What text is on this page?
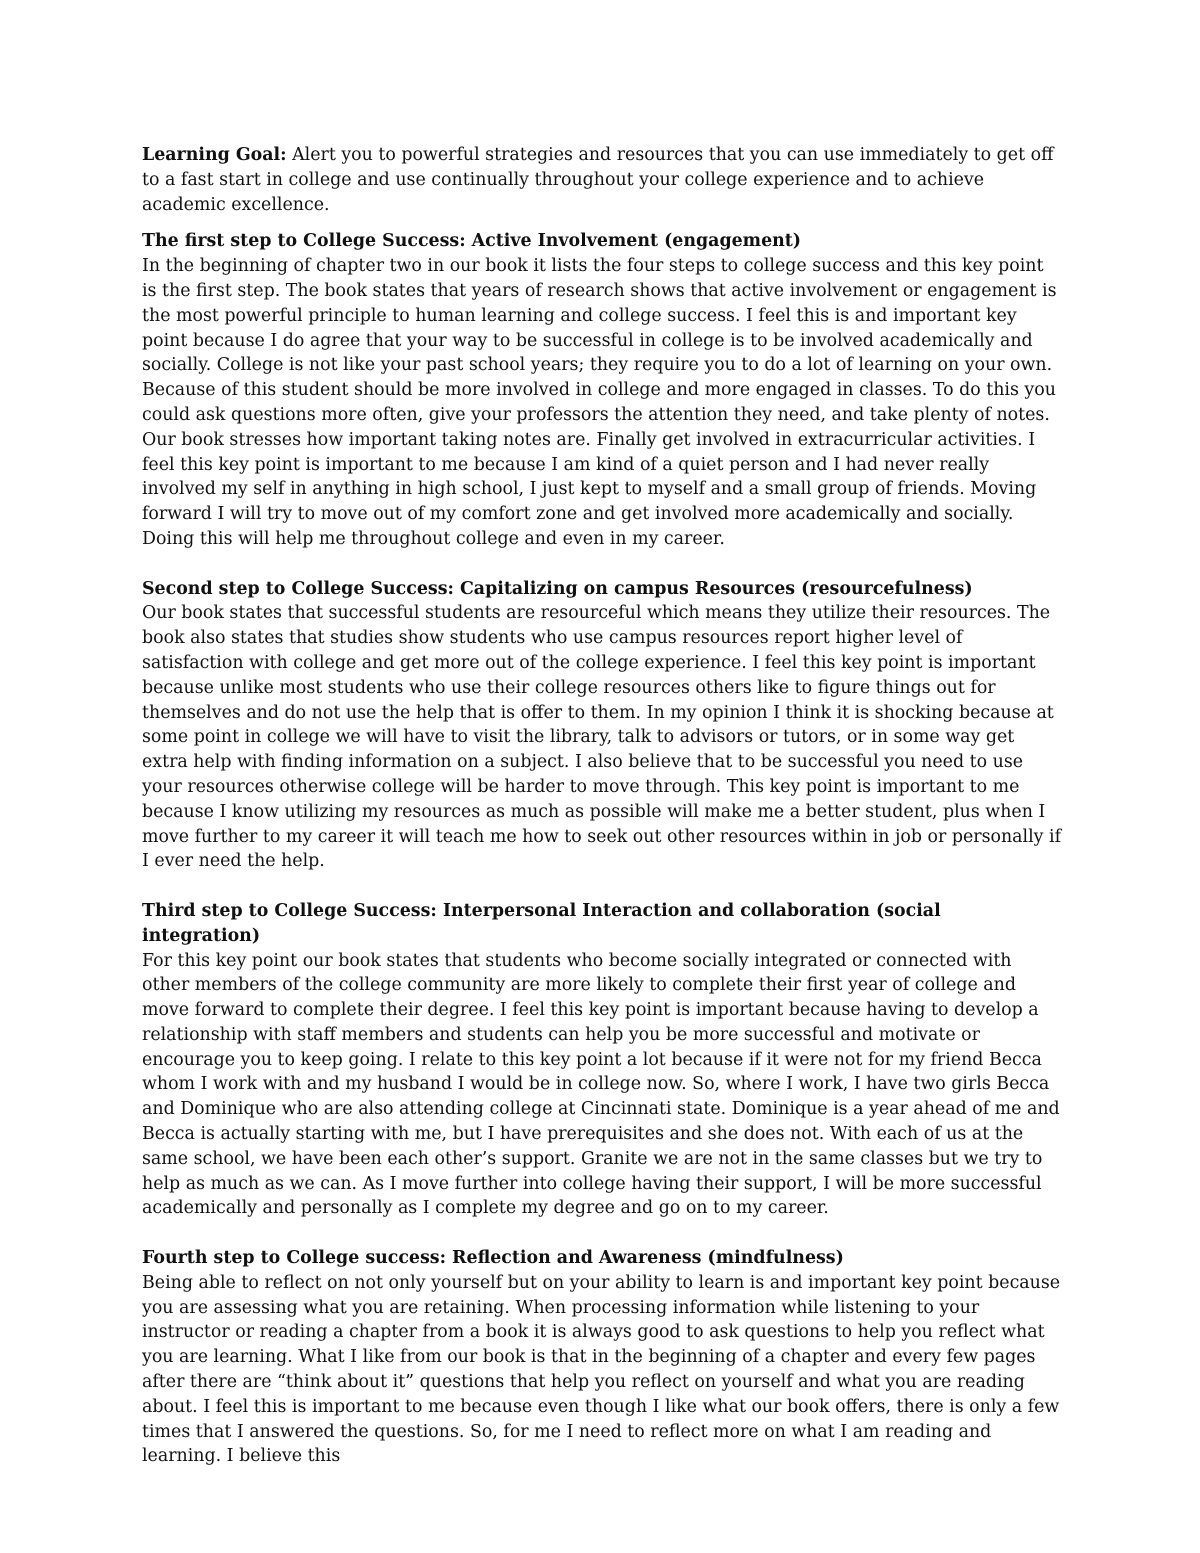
Learning Goal: Alert you to powerful strategies and resources that you can use immediately to get off to a fast start in college and use continually throughout your college experience and to achieve academic excellence.

The first step to College Success: Active Involvement (engagement)

In the beginning of chapter two in our book it lists the four steps to college success and this key point is the first step. The book states that years of research shows that active involvement or engagement is the most powerful principle to human learning and college success. I feel this is and important key point because I do agree that your way to be successful in college is to be involved academically and socially. College is not like your past school years; they require you to do a lot of learning on your own. Because of this student should be more involved in college and more engaged in classes. To do this you could ask questions more often, give your professors the attention they need, and take plenty of notes. Our book stresses how important taking notes are. Finally get involved in extracurricular activities. I feel this key point is important to me because I am kind of a quiet person and I had never really involved my self in anything in high school, I just kept to myself and a small group of friends. Moving forward I will try to move out of my comfort zone and get involved more academically and socially. Doing this will help me throughout college and even in my career.

Second step to College Success: Capitalizing on campus Resources (resourcefulness)

Our book states that successful students are resourceful which means they utilize their resources. The book also states that studies show students who use campus resources report higher level of satisfaction with college and get more out of the college experience. I feel this key point is important because unlike most students who use their college resources others like to figure things out for themselves and do not use the help that is offer to them. In my opinion I think it is shocking because at some point in college we will have to visit the library, talk to advisors or tutors, or in some way get extra help with finding information on a subject. I also believe that to be successful you need to use your resources otherwise college will be harder to move through. This key point is important to me because I know utilizing my resources as much as possible will make me a better student, plus when I move further to my career it will teach me how to seek out other resources within in job or personally if I ever need the help.

Third step to College Success: Interpersonal Interaction and collaboration (social integration)

For this key point our book states that students who become socially integrated or connected with other members of the college community are more likely to complete their first year of college and move forward to complete their degree. I feel this key point is important because having to develop a relationship with staff members and students can help you be more successful and motivate or encourage you to keep going. I relate to this key point a lot because if it were not for my friend Becca whom I work with and my husband I would be in college now. So, where I work, I have two girls Becca and Dominique who are also attending college at Cincinnati state. Dominique is a year ahead of me and Becca is actually starting with me, but I have prerequisites and she does not. With each of us at the same school, we have been each other’s support. Granite we are not in the same classes but we try to help as much as we can. As I move further into college having their support, I will be more successful academically and personally as I complete my degree and go on to my career.

Fourth step to College success: Reflection and Awareness (mindfulness)

Being able to reflect on not only yourself but on your ability to learn is and important key point because you are assessing what you are retaining. When processing information while listening to your instructor or reading a chapter from a book it is always good to ask questions to help you reflect what you are learning. What I like from our book is that in the beginning of a chapter and every few pages after there are “think about it” questions that help you reflect on yourself and what you are reading about. I feel this is important to me because even though I like what our book offers, there is only a few times that I answered the questions. So, for me I need to reflect more on what I am reading and learning. I believe this
